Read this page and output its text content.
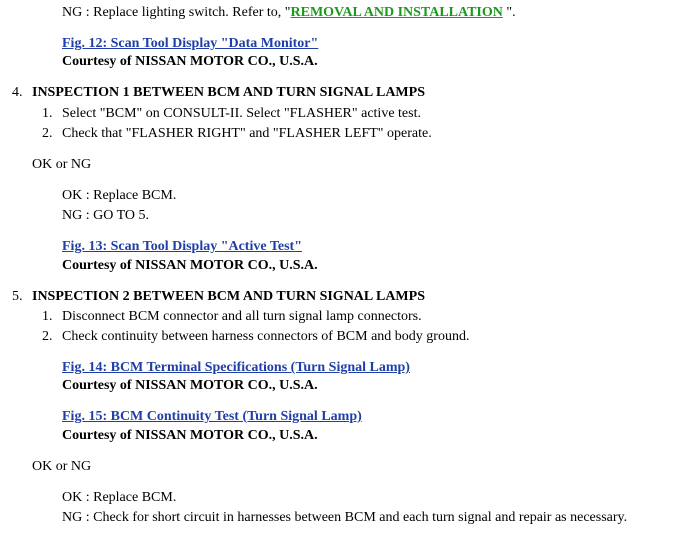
NG : Replace lighting switch. Refer to, "REMOVAL AND INSTALLATION ".
Fig. 12: Scan Tool Display "Data Monitor"
Courtesy of NISSAN MOTOR CO., U.S.A.
4. INSPECTION 1 BETWEEN BCM AND TURN SIGNAL LAMPS
1. Select "BCM" on CONSULT-II. Select "FLASHER" active test.
2. Check that "FLASHER RIGHT" and "FLASHER LEFT" operate.
OK or NG
OK : Replace BCM.
NG : GO TO 5.
Fig. 13: Scan Tool Display "Active Test"
Courtesy of NISSAN MOTOR CO., U.S.A.
5. INSPECTION 2 BETWEEN BCM AND TURN SIGNAL LAMPS
1. Disconnect BCM connector and all turn signal lamp connectors.
2. Check continuity between harness connectors of BCM and body ground.
Fig. 14: BCM Terminal Specifications (Turn Signal Lamp)
Courtesy of NISSAN MOTOR CO., U.S.A.
Fig. 15: BCM Continuity Test (Turn Signal Lamp)
Courtesy of NISSAN MOTOR CO., U.S.A.
OK or NG
OK : Replace BCM.
NG : Check for short circuit in harnesses between BCM and each turn signal and repair as necessary.
